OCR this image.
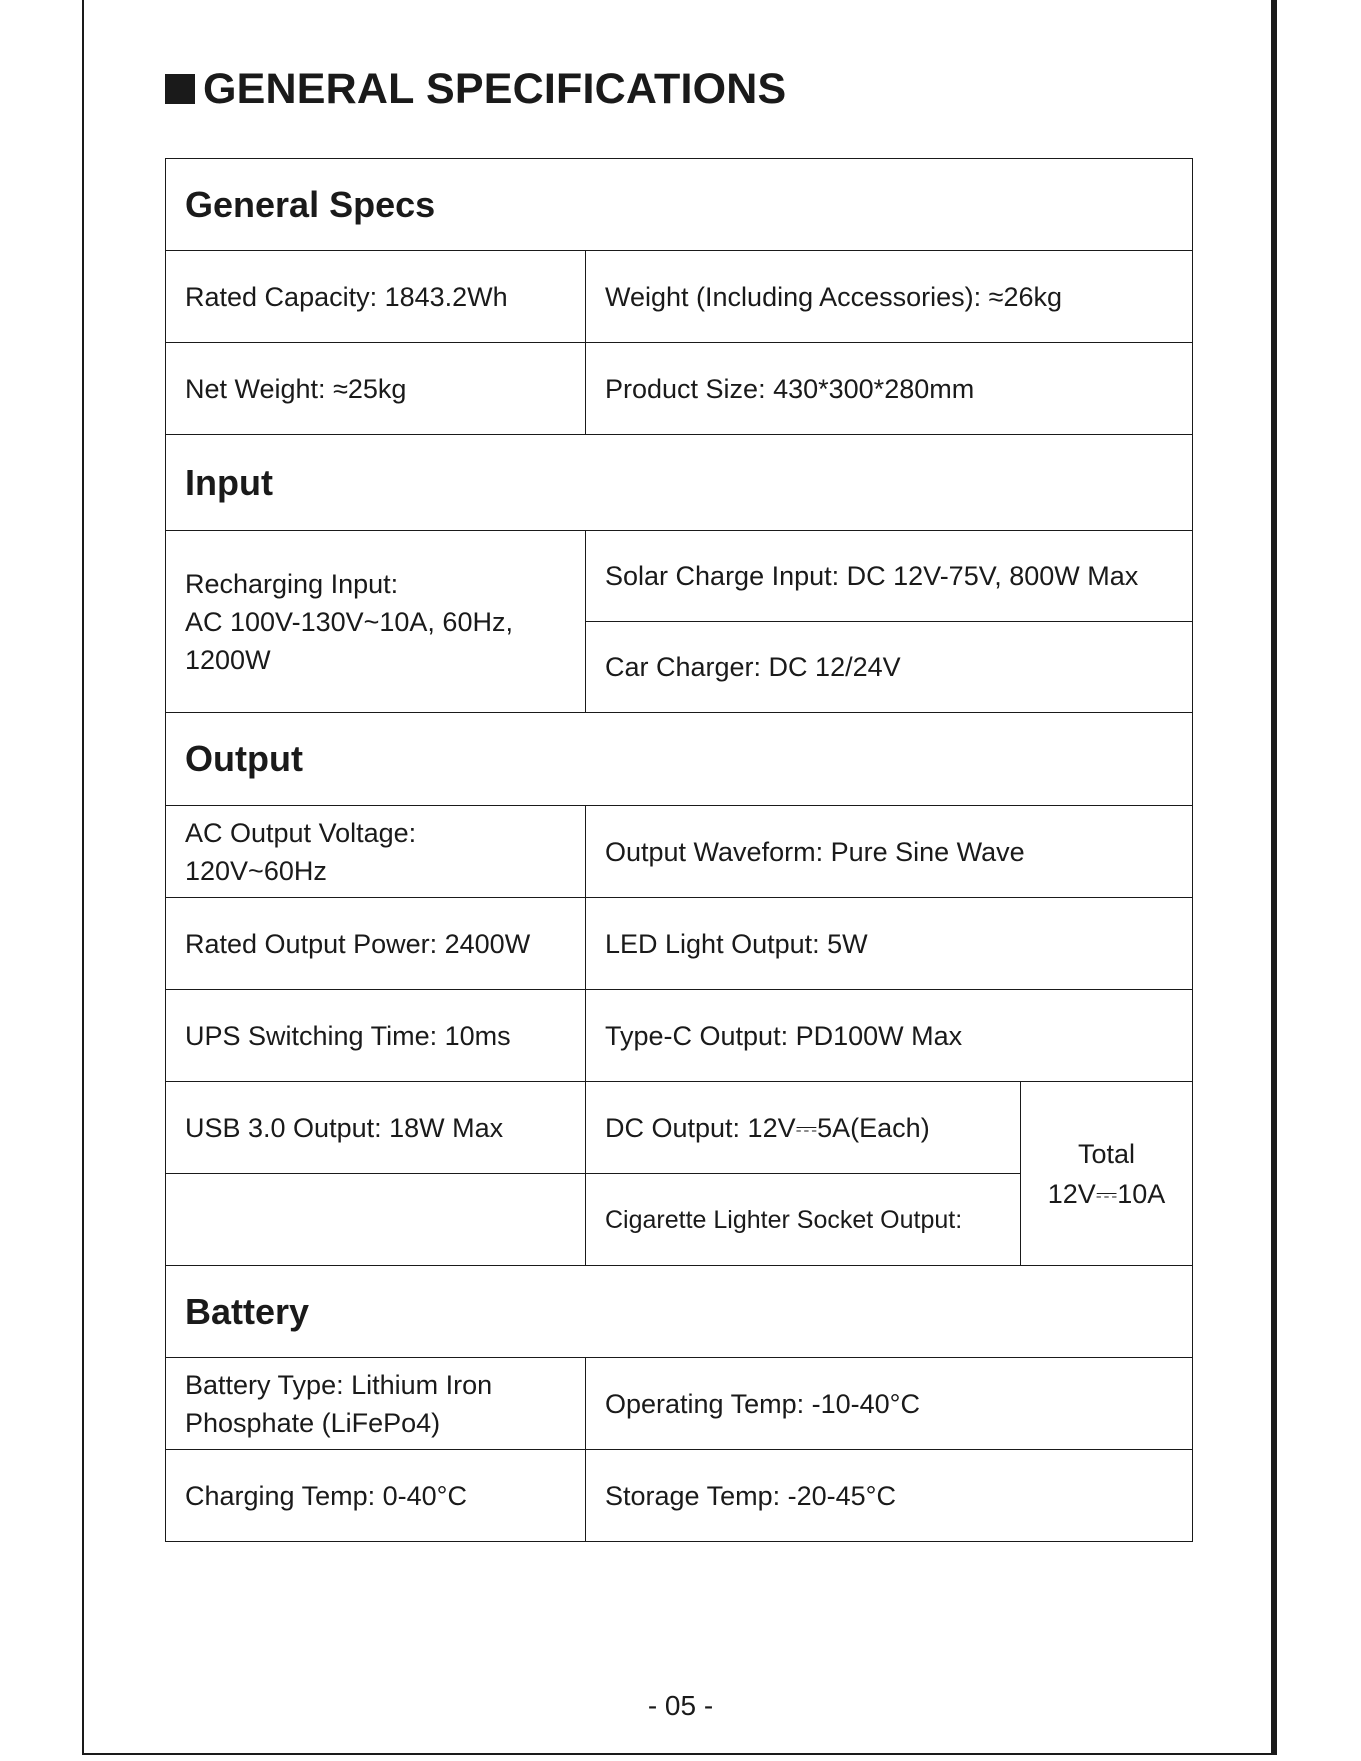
GENERAL SPECIFICATIONS
General Specs		
Rated Capacity: 1843.2Wh	Weight (Including Accessories): ≈26kg	
Net Weight: ≈25kg	Product Size: 430*300*280mm	
Input		

Recharging Input:
AC 100V-130V~10A, 60Hz,
1200W	Solar Charge Input: DC 12V-75V, 800W Max	
	Car Charger: DC 12/24V	
Output		

AC Output Voltage:
120V~60Hz	Output Waveform: Pure Sine Wave	
Rated Output Power: 2400W	LED Light Output: 5W	
UPS Switching Time: 10ms	Type-C Output: PD100W Max	
USB 3.0 Output: 18W Max	DC Output: 12V⎓5A(Each)	Total
12V⎓10A

	Cigarette Lighter Socket Output:	
Battery		

Battery Type: Lithium Iron
Phosphate (LiFePo4)	Operating Temp: -10-40°C	
Charging Temp: 0-40°C	Storage Temp: -20-45°C	
- 05 -
